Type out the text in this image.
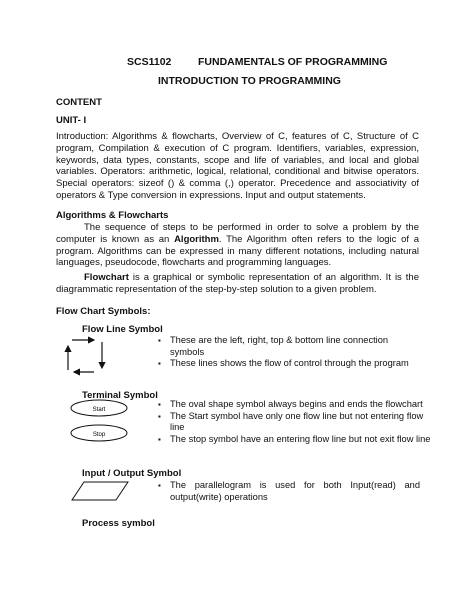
SCS1102	FUNDAMENTALS OF PROGRAMMING
INTRODUCTION TO PROGRAMMING
CONTENT
UNIT- I
Introduction: Algorithms & flowcharts, Overview of C, features of C, Structure of C program, Compilation & execution of C program. Identifiers, variables, expression, keywords, data types, constants, scope and life of variables, and local and global variables. Operators: arithmetic, logical, relational, conditional and bitwise operators. Special operators: sizeof () & comma (,) operator. Precedence and associativity of operators & Type conversion in expressions. Input and output statements.
Algorithms & Flowcharts
The sequence of steps to be performed in order to solve a problem by the computer is known as an Algorithm. The Algorithm often refers to the logic of a program. Algorithms can be expressed in many different notations, including natural languages, pseudocode, flowcharts and programming languages.
Flowchart is a graphical or symbolic representation of an algorithm. It is the diagrammatic representation of the step-by-step solution to a given problem.
Flow Chart Symbols:
Flow Line Symbol
▪ These are the left, right, top & bottom line connection symbols
▪ These lines shows the flow of control through the program
Terminal Symbol
Start
Stop
▪ The oval shape symbol always begins and ends the flowchart
▪ The Start symbol have only one flow line but not entering flow line
▪ The stop symbol have an entering flow line but not exit flow line
Input / Output Symbol
▪ The parallelogram is used for both Input(read) and output(write) operations
Process symbol
